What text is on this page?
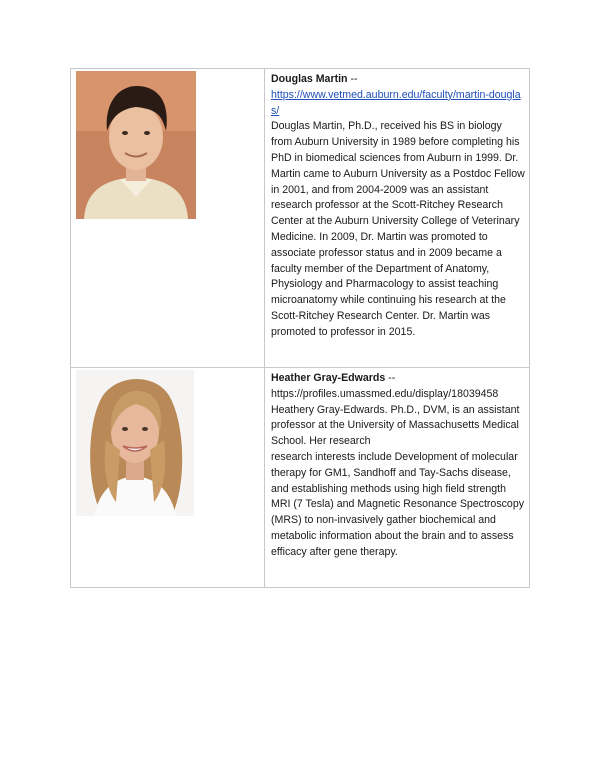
	Douglas Martin --
https://www.vetmed.auburn.edu/faculty/martin-douglas/
Douglas Martin, Ph.D., received his BS in biology from Auburn University in 1989 before completing his PhD in biomedical sciences from Auburn in 1999. Dr. Martin came to Auburn University as a Postdoc Fellow in 2001, and from 2004-2009 was an assistant research professor at the Scott-Ritchey Research Center at the Auburn University College of Veterinary Medicine. In 2009, Dr. Martin was promoted to associate professor status and in 2009 became a faculty member of the Department of Anatomy, Physiology and Pharmacology to assist teaching microanatomy while continuing his research at the Scott-Ritchey Research Center. Dr. Martin was promoted to professor in 2015.

	Heather Gray-Edwards --
https://profiles.umassmed.edu/display/18039458
Heathery Gray-Edwards. Ph.D., DVM, is an assistant professor at the University of Massachusetts Medical School. Her research
research interests include Development of molecular therapy for GM1, Sandhoff and Tay-Sachs disease, and establishing methods using high field strength MRI (7 Tesla) and Magnetic Resonance Spectroscopy (MRS) to non-invasively gather biochemical and metabolic information about the brain and to assess efficacy after gene therapy.
